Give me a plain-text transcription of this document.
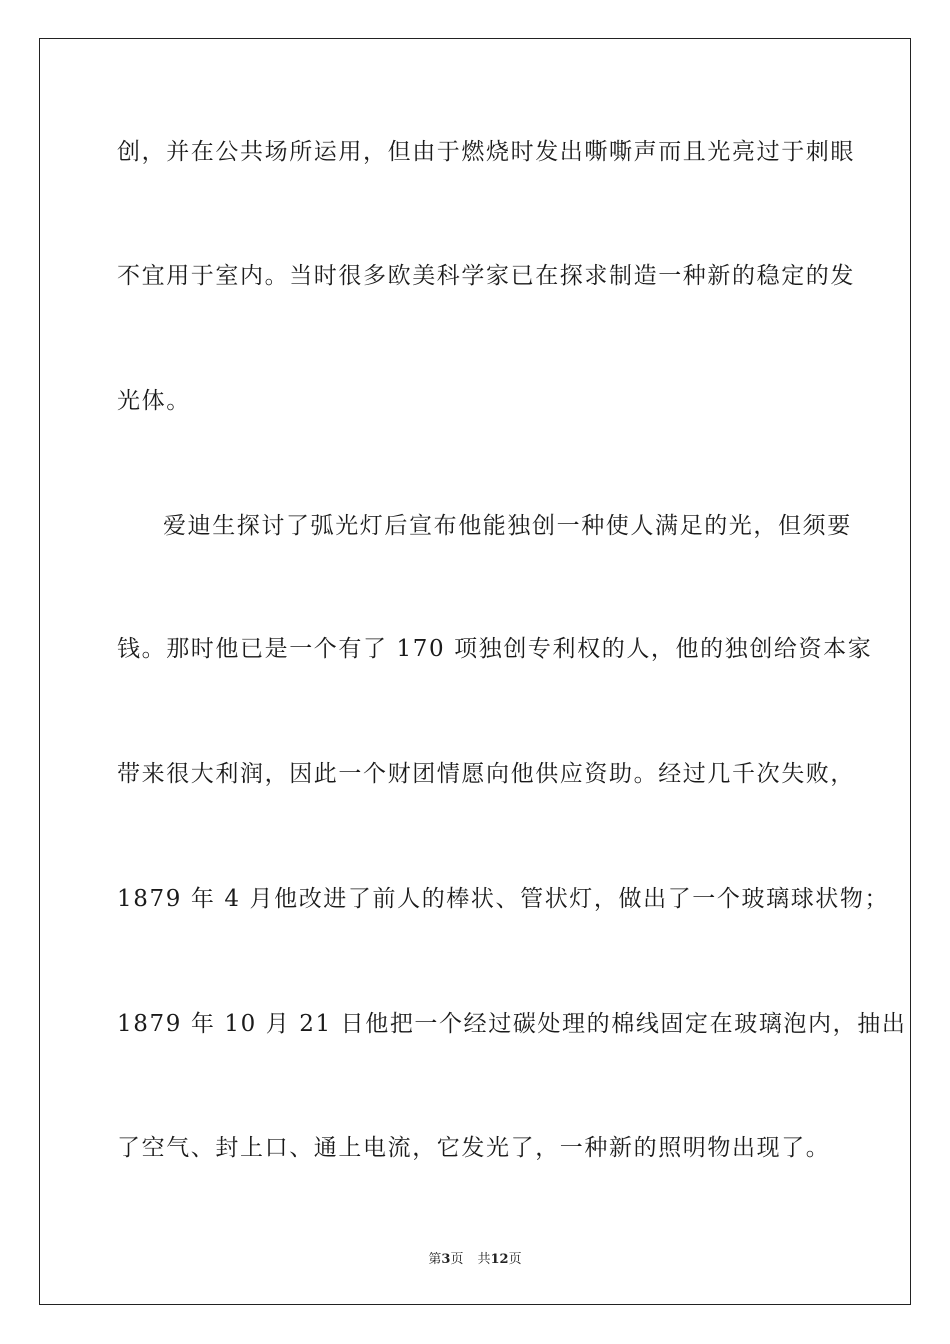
创，并在公共场所运用，但由于燃烧时发出嘶嘶声而且光亮过于刺眼
不宜用于室内。当时很多欧美科学家已在探求制造一种新的稳定的发
光体。
爱迪生探讨了弧光灯后宣布他能独创一种使人满足的光，但须要
钱。那时他已是一个有了 170 项独创专利权的人，他的独创给资本家
带来很大利润，因此一个财团情愿向他供应资助。经过几千次失败，
1879 年 4 月他改进了前人的棒状、管状灯，做出了一个玻璃球状物；
1879 年 10 月 21 日他把一个经过碳处理的棉线固定在玻璃泡内，抽出
了空气、封上口、通上电流，它发光了，一种新的照明物出现了。
第3页 共12页
